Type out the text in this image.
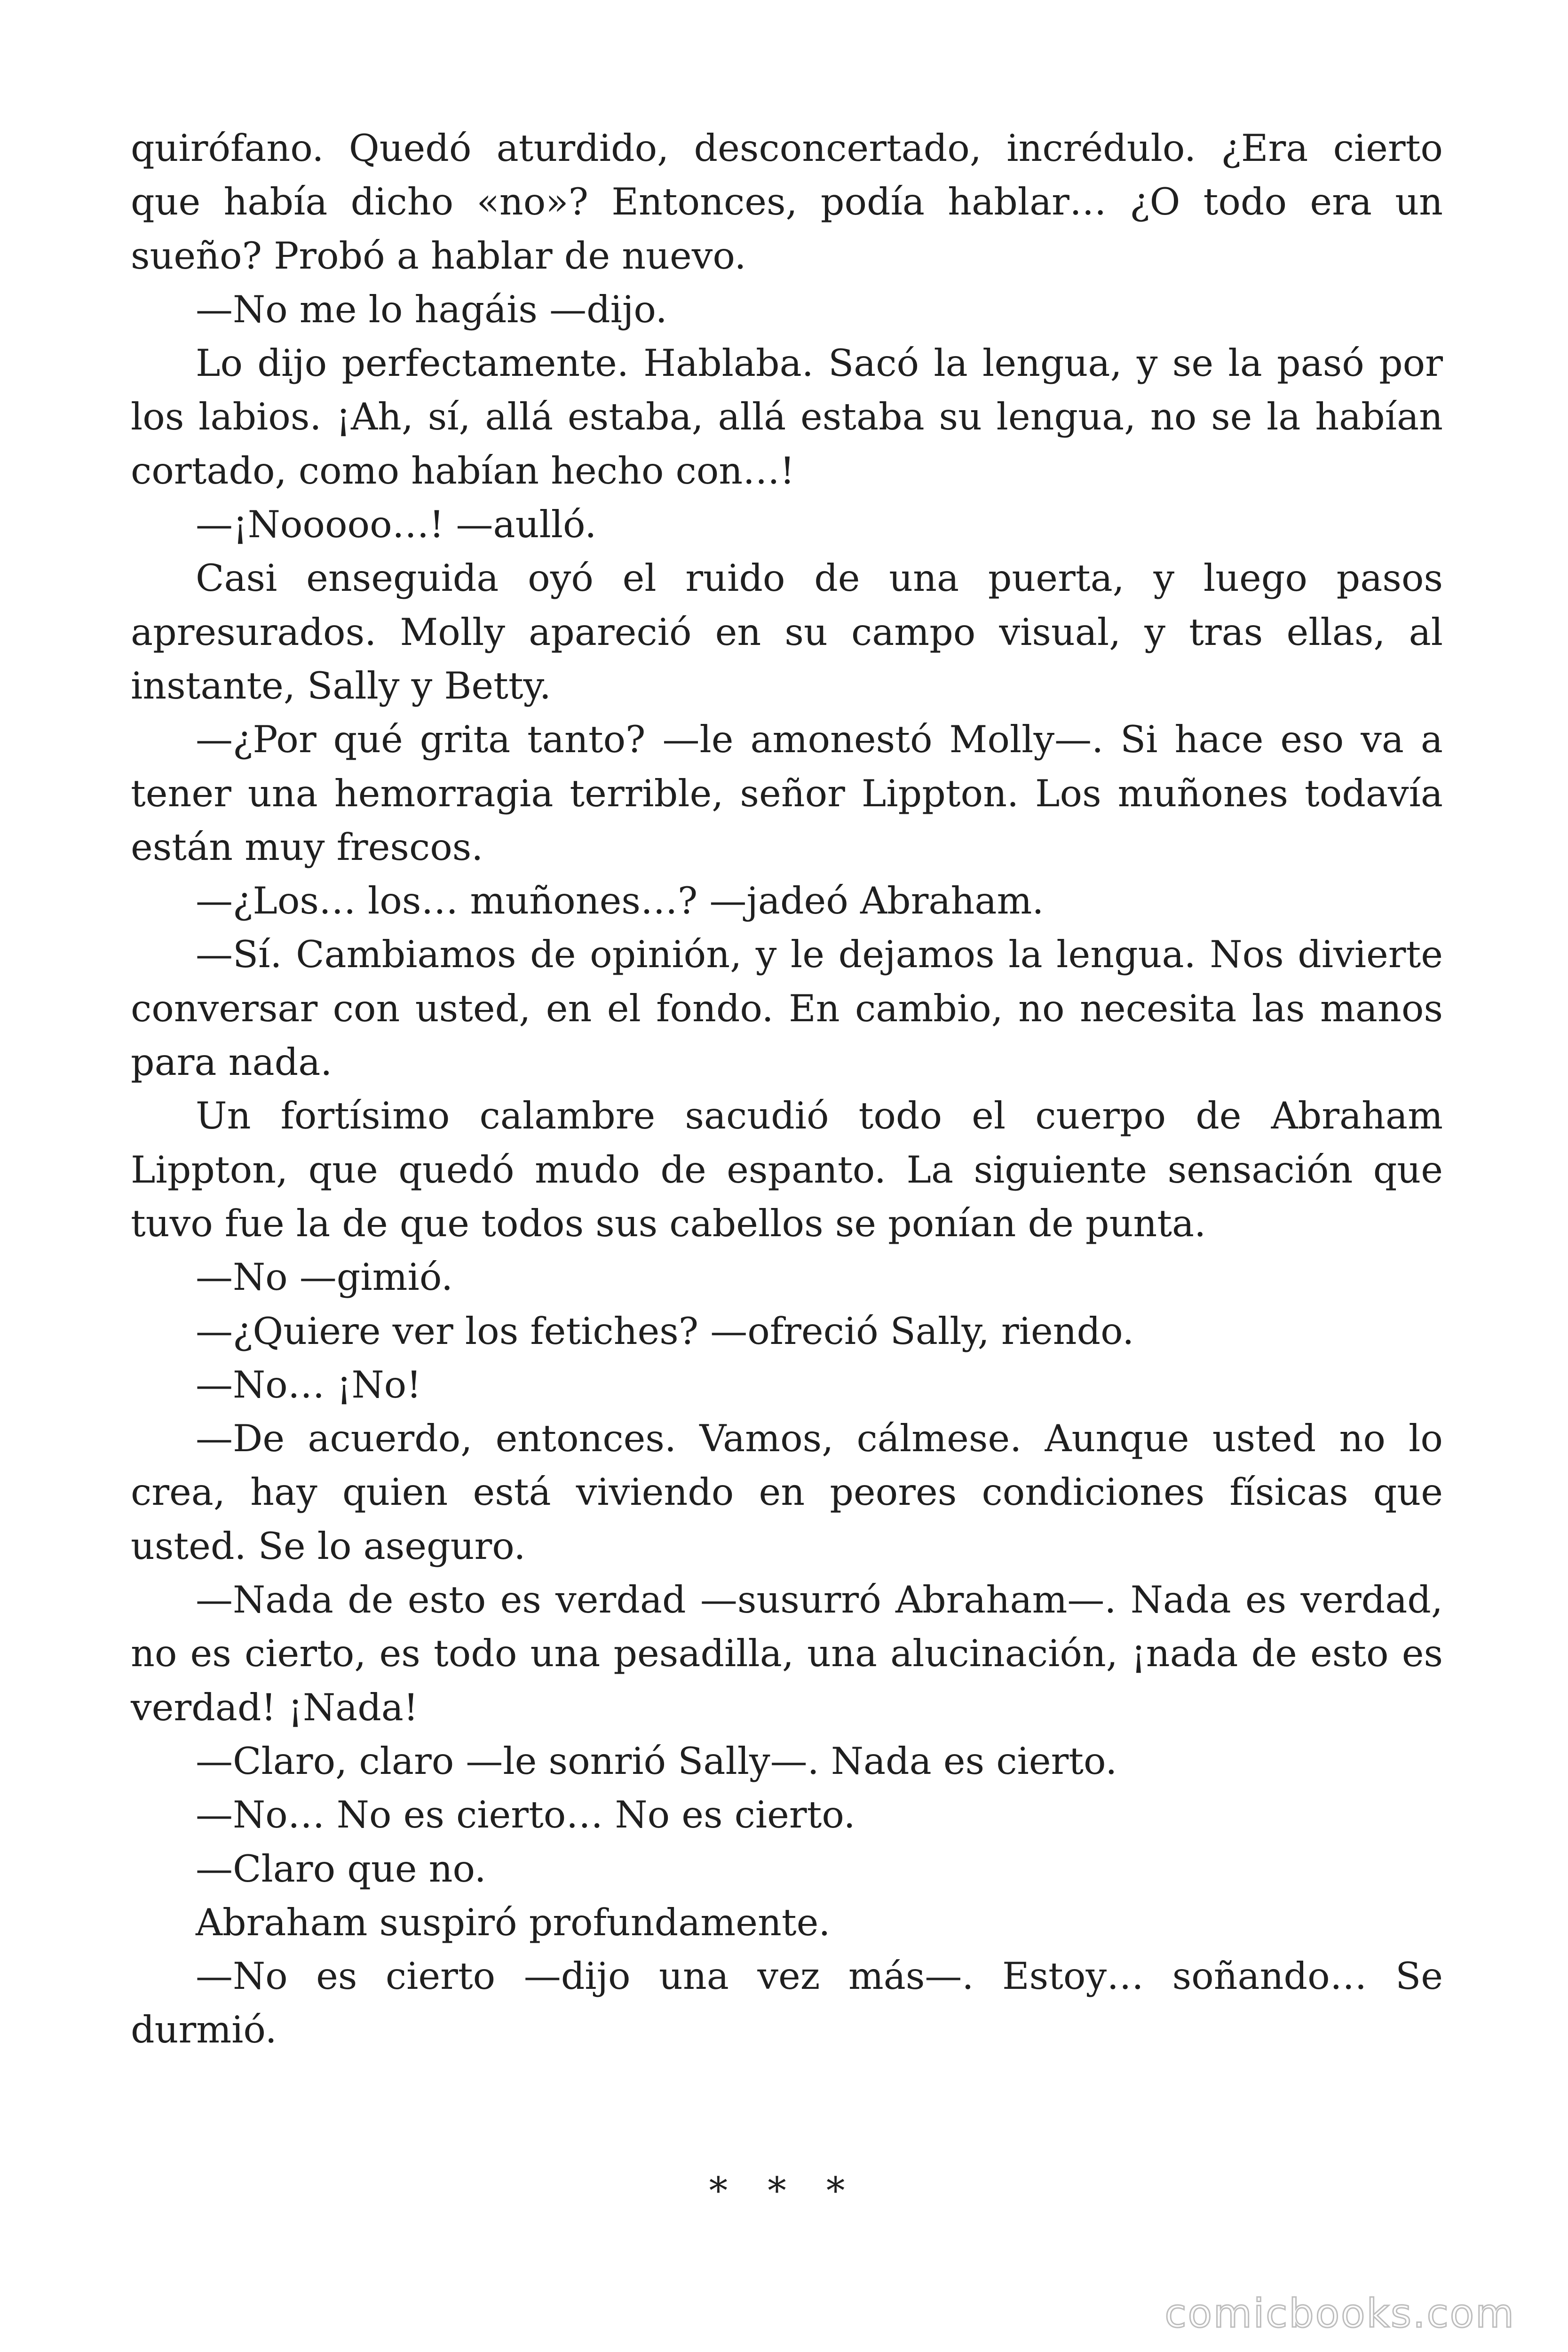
quirófano. Quedó aturdido, desconcertado, incrédulo. ¿Era cierto que había dicho «no»? Entonces, podía hablar… ¿O todo era un sueño? Probó a hablar de nuevo.

—No me lo hagáis —dijo.

Lo dijo perfectamente. Hablaba. Sacó la lengua, y se la pasó por los labios. ¡Ah, sí, allá estaba, allá estaba su lengua, no se la habían cortado, como habían hecho con…!

—¡Nooooo…! —aulló.

Casi enseguida oyó el ruido de una puerta, y luego pasos apresurados. Molly apareció en su campo visual, y tras ellas, al instante, Sally y Betty.

—¿Por qué grita tanto? —le amonestó Molly—. Si hace eso va a tener una hemorragia terrible, señor Lippton. Los muñones todavía están muy frescos.

—¿Los… los… muñones…? —jadeó Abraham.

—Sí. Cambiamos de opinión, y le dejamos la lengua. Nos divierte conversar con usted, en el fondo. En cambio, no necesita las manos para nada.

Un fortísimo calambre sacudió todo el cuerpo de Abraham Lippton, que quedó mudo de espanto. La siguiente sensación que tuvo fue la de que todos sus cabellos se ponían de punta.

—No —gimió.

—¿Quiere ver los fetiches? —ofreció Sally, riendo.

—No… ¡No!

—De acuerdo, entonces. Vamos, cálmese. Aunque usted no lo crea, hay quien está viviendo en peores condiciones físicas que usted. Se lo aseguro.

—Nada de esto es verdad —susurró Abraham—. Nada es verdad, no es cierto, es todo una pesadilla, una alucinación, ¡nada de esto es verdad! ¡Nada!

—Claro, claro —le sonrió Sally—. Nada es cierto.

—No… No es cierto… No es cierto.

—Claro que no.

Abraham suspiró profundamente.

—No es cierto —dijo una vez más—. Estoy… soñando… Se durmió.

* * *
comicbooks.com
